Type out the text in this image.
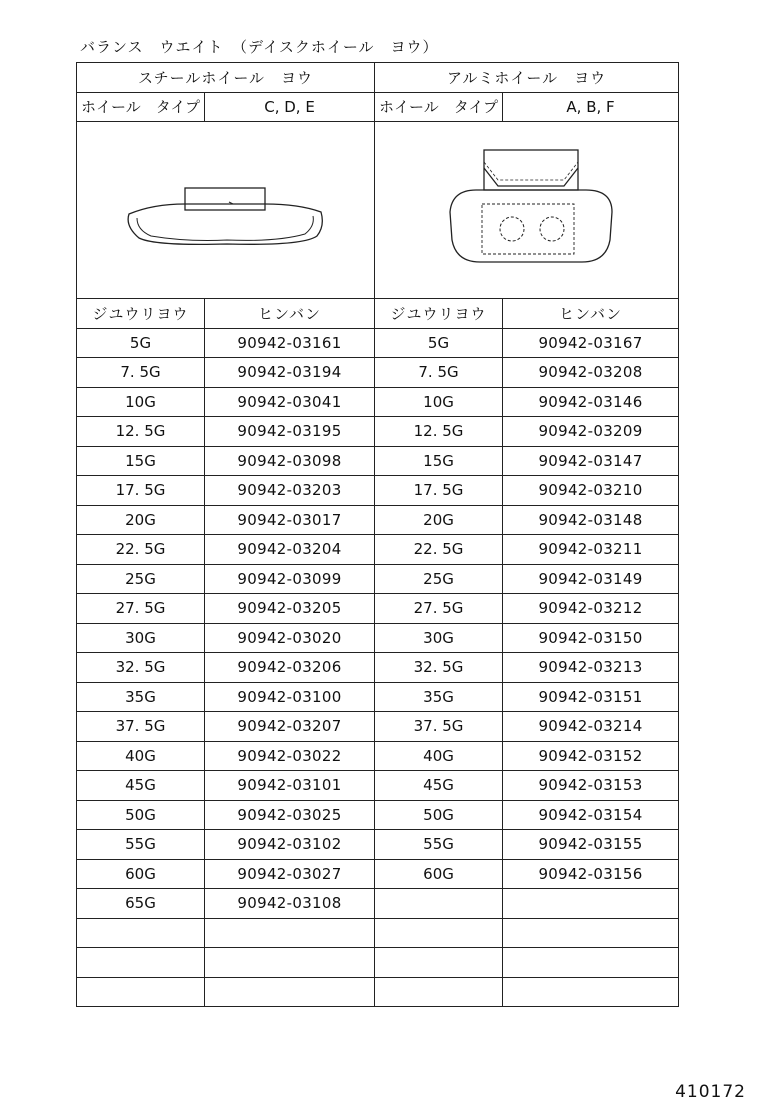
バランス　ウエイト　（デイスクホイール　ヨウ）
スチールホイール　ヨウ		アルミホイール　ヨウ	
ホイール　タイプ	C, D, E	ホイール　タイプ	A, B, F

ジユウリヨウ	ヒンバン	ジユウリヨウ	ヒンバン
5G	90942-03161	5G	90942-03167
7. 5G	90942-03194	7. 5G	90942-03208
10G	90942-03041	10G	90942-03146
12. 5G	90942-03195	12. 5G	90942-03209
15G	90942-03098	15G	90942-03147
17. 5G	90942-03203	17. 5G	90942-03210
20G	90942-03017	20G	90942-03148
22. 5G	90942-03204	22. 5G	90942-03211
25G	90942-03099	25G	90942-03149
27. 5G	90942-03205	27. 5G	90942-03212
30G	90942-03020	30G	90942-03150
32. 5G	90942-03206	32. 5G	90942-03213
35G	90942-03100	35G	90942-03151
37. 5G	90942-03207	37. 5G	90942-03214
40G	90942-03022	40G	90942-03152
45G	90942-03101	45G	90942-03153
50G	90942-03025	50G	90942-03154
55G	90942-03102	55G	90942-03155
60G	90942-03027	60G	90942-03156
65G	90942-03108		

410172
